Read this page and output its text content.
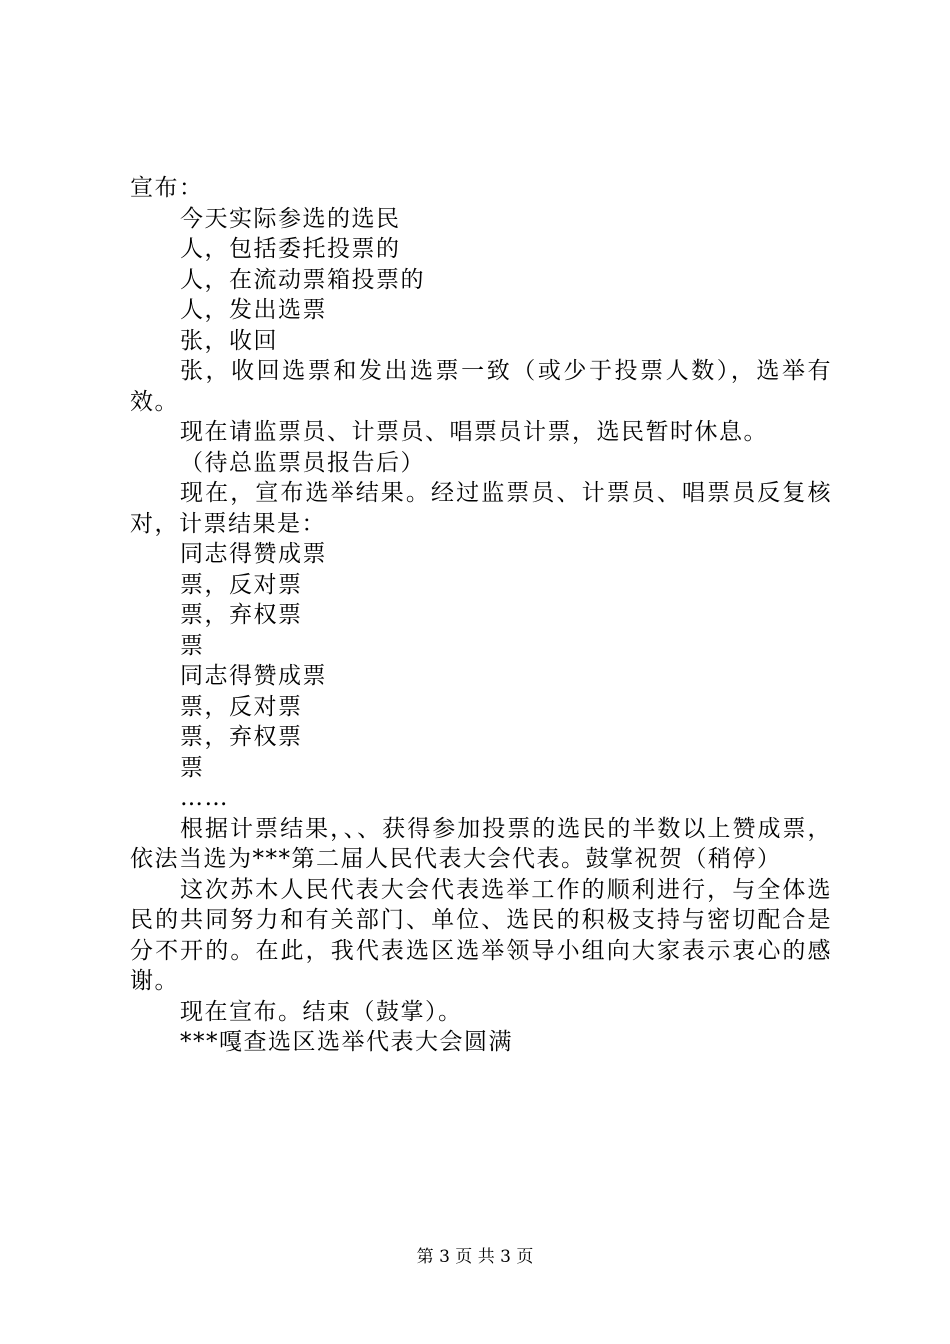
宣布：
今天实际参选的选民
人，包括委托投票的
人，在流动票箱投票的
人，发出选票
张，收回
张，收回选票和发出选票一致（或少于投票人数），选举有效。
现在请监票员、计票员、唱票员计票，选民暂时休息。
（待总监票员报告后）
现在，宣布选举结果。经过监票员、计票员、唱票员反复核对，计票结果是：
同志得赞成票
票，反对票
票，弃权票
票
同志得赞成票
票，反对票
票，弃权票
票
……
根据计票结果，、、获得参加投票的选民的半数以上赞成票，依法当选为***第二届人民代表大会代表。鼓掌祝贺（稍停）
这次苏木人民代表大会代表选举工作的顺利进行，与全体选民的共同努力和有关部门、单位、选民的积极支持与密切配合是分不开的。在此，我代表选区选举领导小组向大家表示衷心的感谢。
现在宣布。结束（鼓掌）。
***嘎查选区选举代表大会圆满
第 3 页 共 3 页
